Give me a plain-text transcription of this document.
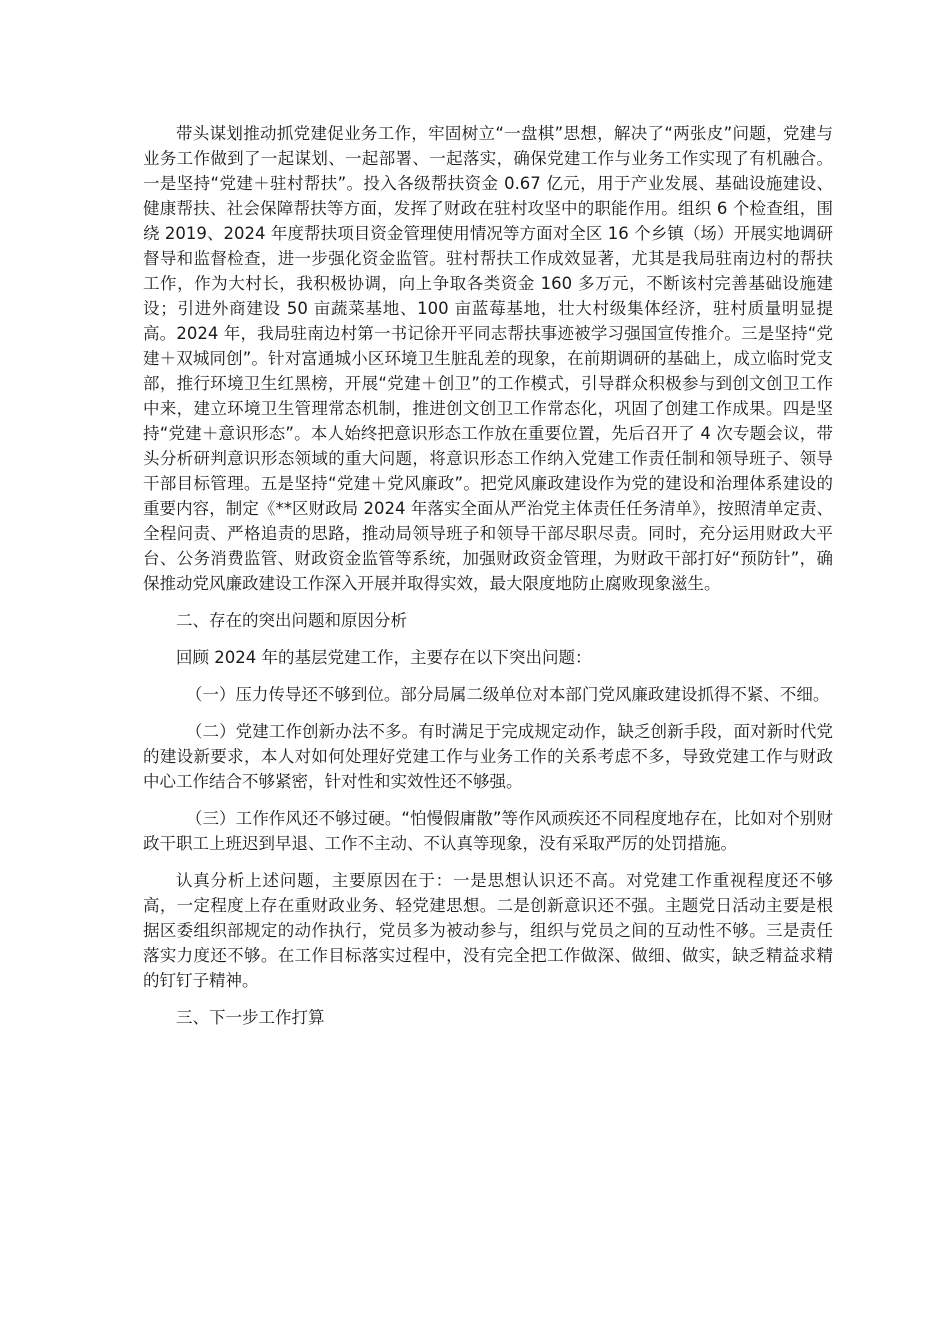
带头谋划推动抓党建促业务工作，牢固树立“一盘棋”思想，解决了“两张皮”问题，党建与业务工作做到了一起谋划、一起部署、一起落实，确保党建工作与业务工作实现了有机融合。一是坚持“党建＋驻村帮扶”。投入各级帮扶资金 0.67 亿元，用于产业发展、基础设施建设、健康帮扶、社会保障帮扶等方面，发挥了财政在驻村攻坚中的职能作用。组织 6 个检查组，围绕 2019、2024 年度帮扶项目资金管理使用情况等方面对全区 16 个乡镇（场）开展实地调研督导和监督检查，进一步强化资金监管。驻村帮扶工作成效显著，尤其是我局驻南边村的帮扶工作，作为大村长，我积极协调，向上争取各类资金 160 多万元，不断该村完善基础设施建设；引进外商建设 50 亩蔬菜基地、100 亩蓝莓基地，壮大村级集体经济，驻村质量明显提高。2024 年，我局驻南边村第一书记徐开平同志帮扶事迹被学习强国宣传推介。三是坚持“党建＋双城同创”。针对富通城小区环境卫生脏乱差的现象，在前期调研的基础上，成立临时党支部，推行环境卫生红黑榜，开展“党建＋创卫”的工作模式，引导群众积极参与到创文创卫工作中来，建立环境卫生管理常态机制，推进创文创卫工作常态化，巩固了创建工作成果。四是坚持“党建＋意识形态”。本人始终把意识形态工作放在重要位置，先后召开了 4 次专题会议，带头分析研判意识形态领域的重大问题，将意识形态工作纳入党建工作责任制和领导班子、领导干部目标管理。五是坚持“党建＋党风廉政”。把党风廉政建设作为党的建设和治理体系建设的重要内容，制定《**区财政局 2024 年落实全面从严治党主体责任任务清单》，按照清单定责、全程问责、严格追责的思路，推动局领导班子和领导干部尽职尽责。同时，充分运用财政大平台、公务消费监管、财政资金监管等系统，加强财政资金管理，为财政干部打好“预防针”，确保推动党风廉政建设工作深入开展并取得实效，最大限度地防止腐败现象滋生。

二、存在的突出问题和原因分析

回顾 2024 年的基层党建工作，主要存在以下突出问题：

（一）压力传导还不够到位。部分局属二级单位对本部门党风廉政建设抓得不紧、不细。

（二）党建工作创新办法不多。有时满足于完成规定动作，缺乏创新手段，面对新时代党的建设新要求，本人对如何处理好党建工作与业务工作的关系考虑不多，导致党建工作与财政中心工作结合不够紧密，针对性和实效性还不够强。

（三）工作作风还不够过硬。“怕慢假庸散”等作风顽疾还不同程度地存在，比如对个别财政干职工上班迟到早退、工作不主动、不认真等现象，没有采取严厉的处罚措施。

认真分析上述问题，主要原因在于：一是思想认识还不高。对党建工作重视程度还不够高，一定程度上存在重财政业务、轻党建思想。二是创新意识还不强。主题党日活动主要是根据区委组织部规定的动作执行，党员多为被动参与，组织与党员之间的互动性不够。三是责任落实力度还不够。在工作目标落实过程中，没有完全把工作做深、做细、做实，缺乏精益求精的钉钉子精神。

三、下一步工作打算
